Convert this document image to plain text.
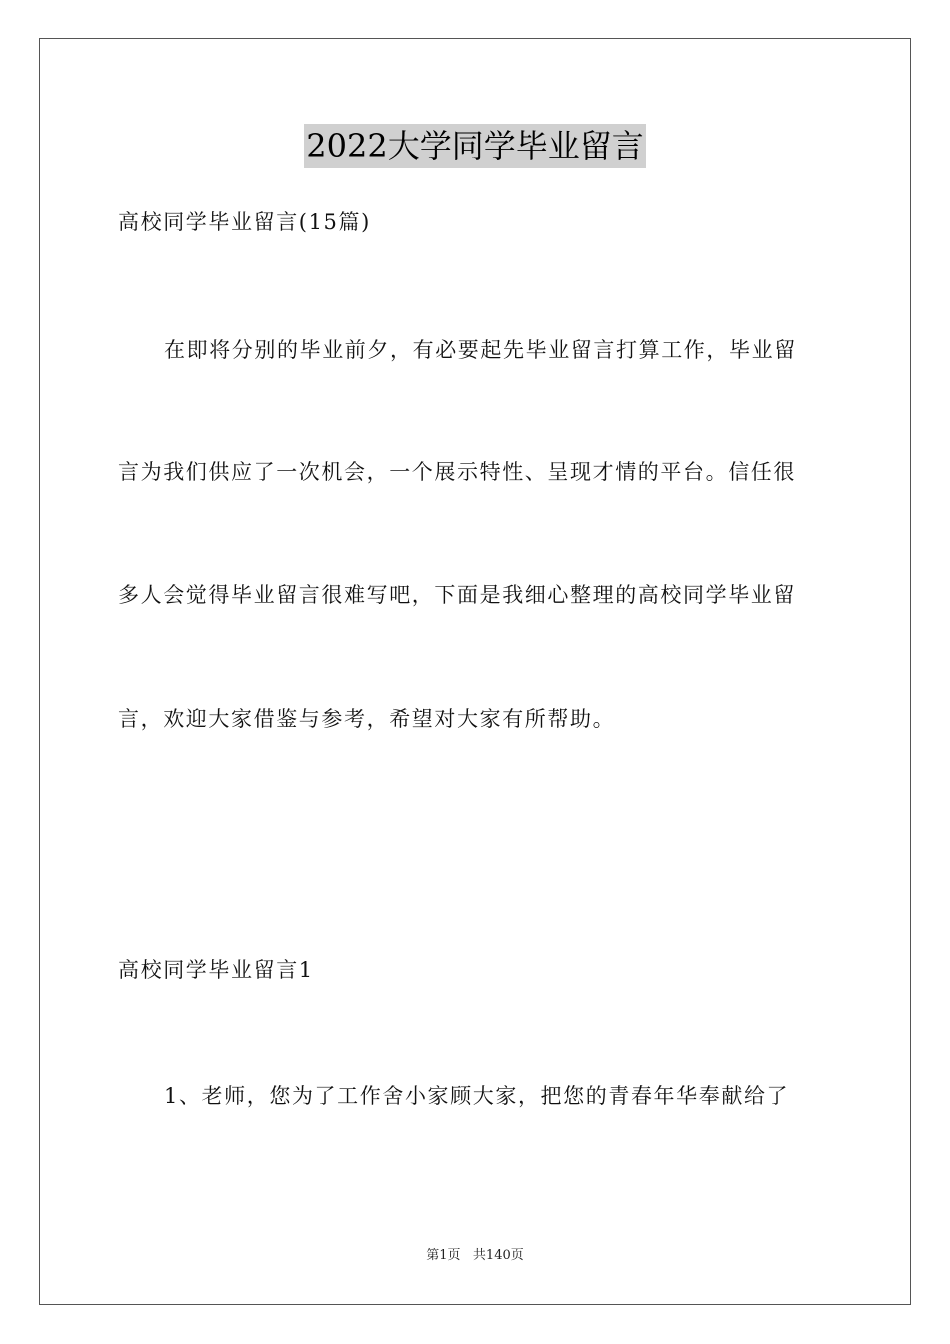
2022大学同学毕业留言
高校同学毕业留言(15篇)
在即将分别的毕业前夕，有必要起先毕业留言打算工作，毕业留
言为我们供应了一次机会，一个展示特性、呈现才情的平台。信任很
多人会觉得毕业留言很难写吧，下面是我细心整理的高校同学毕业留
言，欢迎大家借鉴与参考，希望对大家有所帮助。
高校同学毕业留言1
1、老师，您为了工作舍小家顾大家，把您的青春年华奉献给了
第1页   共140页
